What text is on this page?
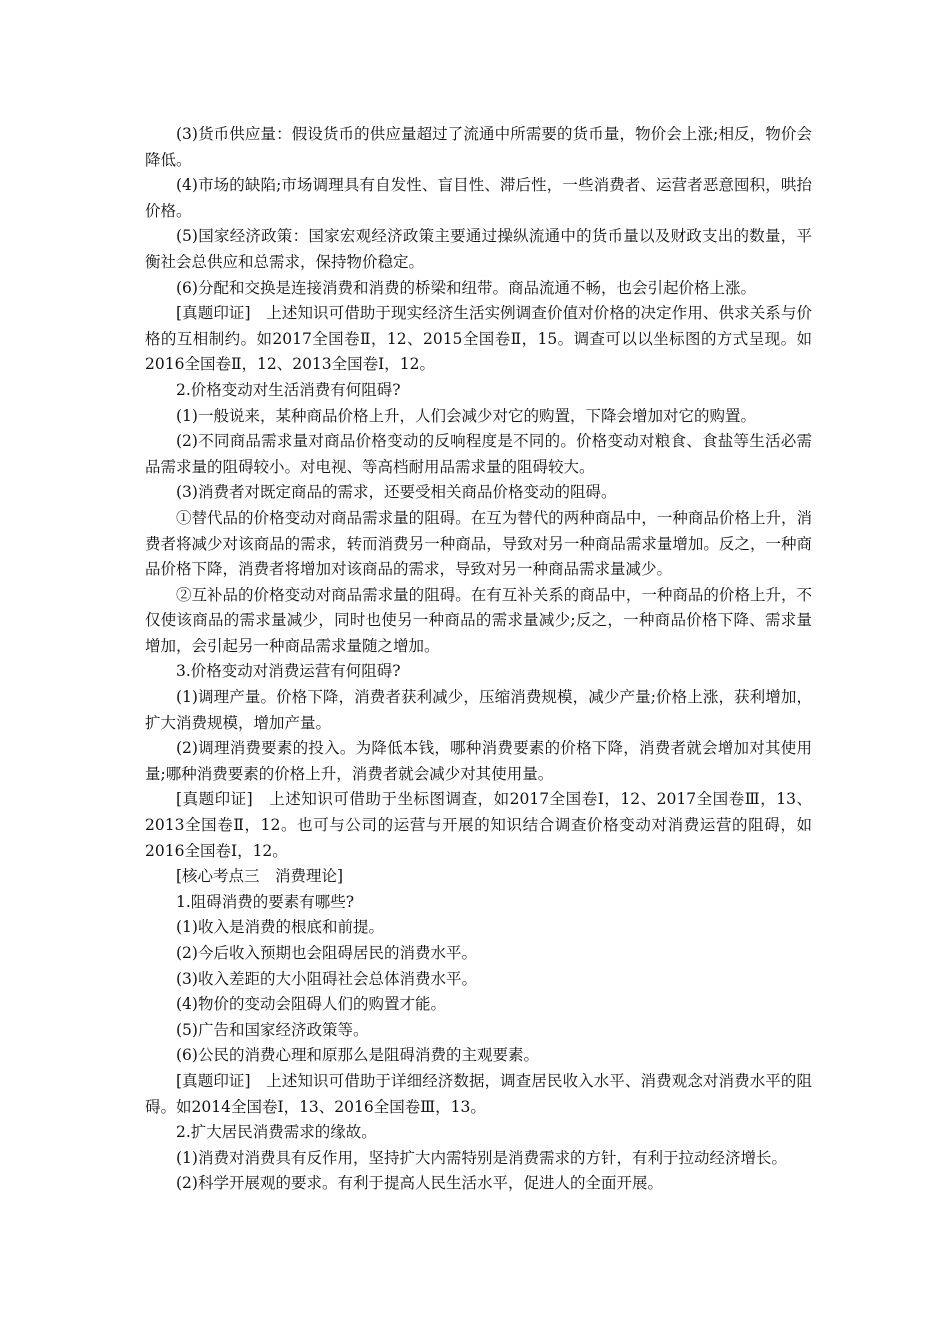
(3)货币供应量：假设货币的供应量超过了流通中所需要的货币量，物价会上涨;相反，物价会降低。

(4)市场的缺陷;市场调理具有自发性、盲目性、滞后性，一些消费者、运营者恶意囤积，哄抬价格。

(5)国家经济政策：国家宏观经济政策主要通过操纵流通中的货币量以及财政支出的数量，平衡社会总供应和总需求，保持物价稳定。

(6)分配和交换是连接消费和消费的桥梁和纽带。商品流通不畅，也会引起价格上涨。

[真题印证]　上述知识可借助于现实经济生活实例调查价值对价格的决定作用、供求关系与价格的互相制约。如2017全国卷Ⅱ，12、2015全国卷Ⅱ，15。调查可以以坐标图的方式呈现。如2016全国卷Ⅱ，12、2013全国卷Ⅰ，12。

2.价格变动对生活消费有何阻碍?

(1)一般说来，某种商品价格上升，人们会减少对它的购置，下降会增加对它的购置。

(2)不同商品需求量对商品价格变动的反响程度是不同的。价格变动对粮食、食盐等生活必需品需求量的阻碍较小。对电视、等高档耐用品需求量的阻碍较大。

(3)消费者对既定商品的需求，还要受相关商品价格变动的阻碍。

①替代品的价格变动对商品需求量的阻碍。在互为替代的两种商品中，一种商品价格上升，消费者将减少对该商品的需求，转而消费另一种商品，导致对另一种商品需求量增加。反之，一种商品价格下降，消费者将增加对该商品的需求，导致对另一种商品需求量减少。

②互补品的价格变动对商品需求量的阻碍。在有互补关系的商品中，一种商品的价格上升，不仅使该商品的需求量减少，同时也使另一种商品的需求量减少;反之，一种商品价格下降、需求量增加，会引起另一种商品需求量随之增加。

3.价格变动对消费运营有何阻碍?

(1)调理产量。价格下降，消费者获利减少，压缩消费规模，减少产量;价格上涨，获利增加，扩大消费规模，增加产量。

(2)调理消费要素的投入。为降低本钱，哪种消费要素的价格下降，消费者就会增加对其使用量;哪种消费要素的价格上升，消费者就会减少对其使用量。

[真题印证]　上述知识可借助于坐标图调查，如2017全国卷Ⅰ，12、2017全国卷Ⅲ，13、2013全国卷Ⅱ，12。也可与公司的运营与开展的知识结合调查价格变动对消费运营的阻碍，如2016全国卷Ⅰ，12。

[核心考点三　消费理论]

1.阻碍消费的要素有哪些?

(1)收入是消费的根底和前提。

(2)今后收入预期也会阻碍居民的消费水平。

(3)收入差距的大小阻碍社会总体消费水平。

(4)物价的变动会阻碍人们的购置才能。

(5)广告和国家经济政策等。

(6)公民的消费心理和原那么是阻碍消费的主观要素。

[真题印证]　上述知识可借助于详细经济数据，调查居民收入水平、消费观念对消费水平的阻碍。如2014全国卷Ⅰ，13、2016全国卷Ⅲ，13。

2.扩大居民消费需求的缘故。

(1)消费对消费具有反作用，坚持扩大内需特别是消费需求的方针，有利于拉动经济增长。

(2)科学开展观的要求。有利于提高人民生活水平，促进人的全面开展。
